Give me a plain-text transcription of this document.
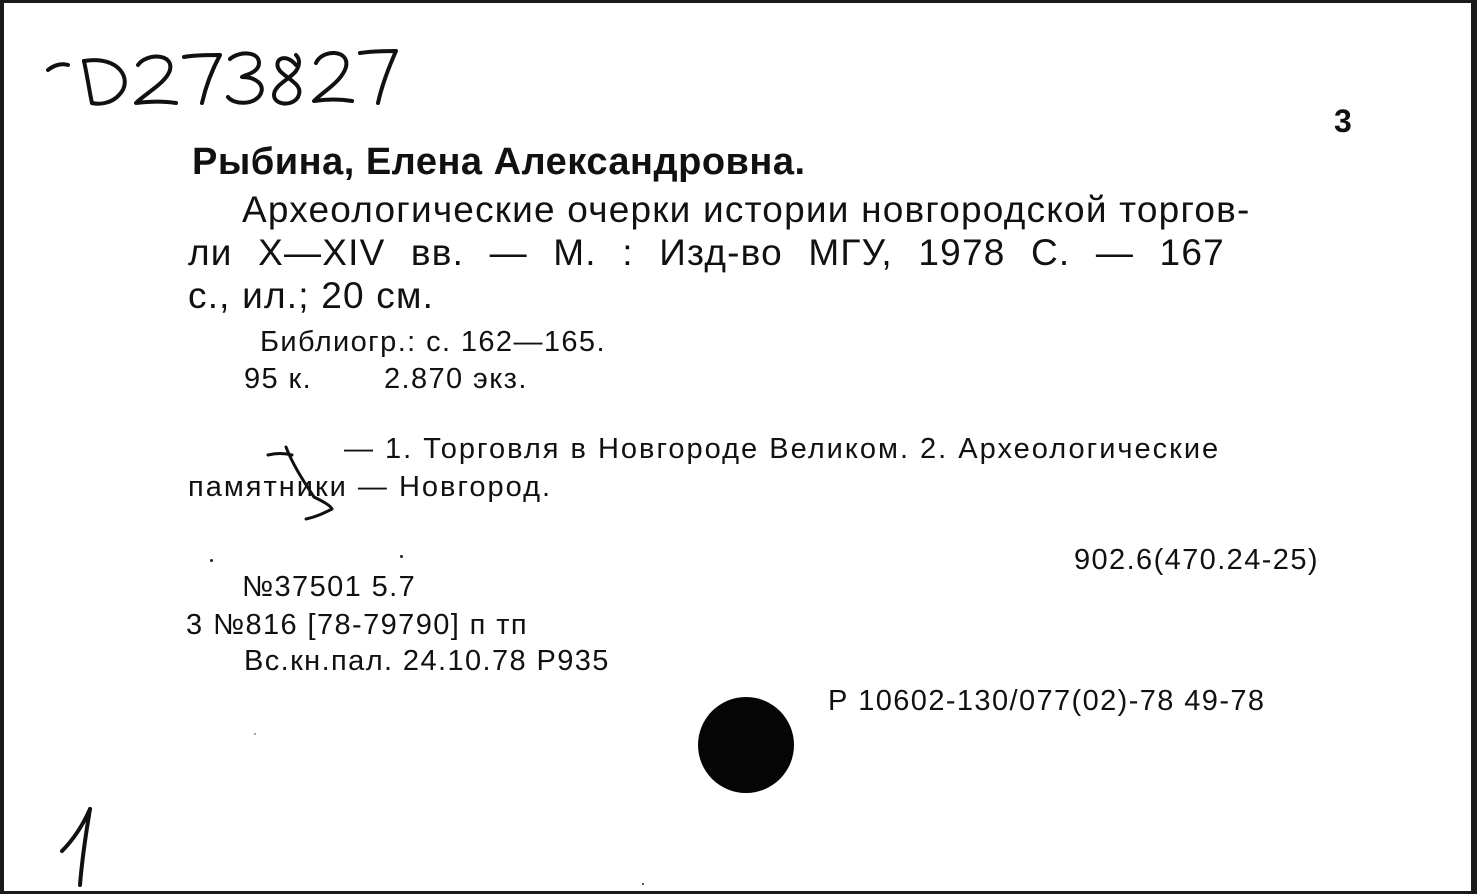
3
Рыбина, Елена Александровна.
Археологические очерки истории новгородской торгов-
ли X—XIV вв. — М. : Изд-во МГУ, 1978 С. — 167
с., ил.; 20 см.
Библиогр.: с. 162—165.
95 к. 2.870 экз.
— 1. Торговля в Новгороде Великом. 2. Археологические
памятники — Новгород.
902.6(470.24-25)
№37501 5.7
3 №816 [78-79790] п тп
Вс.кн.пал. 24.10.78 Р935
Р 10602-130/077(02)-78 49-78
